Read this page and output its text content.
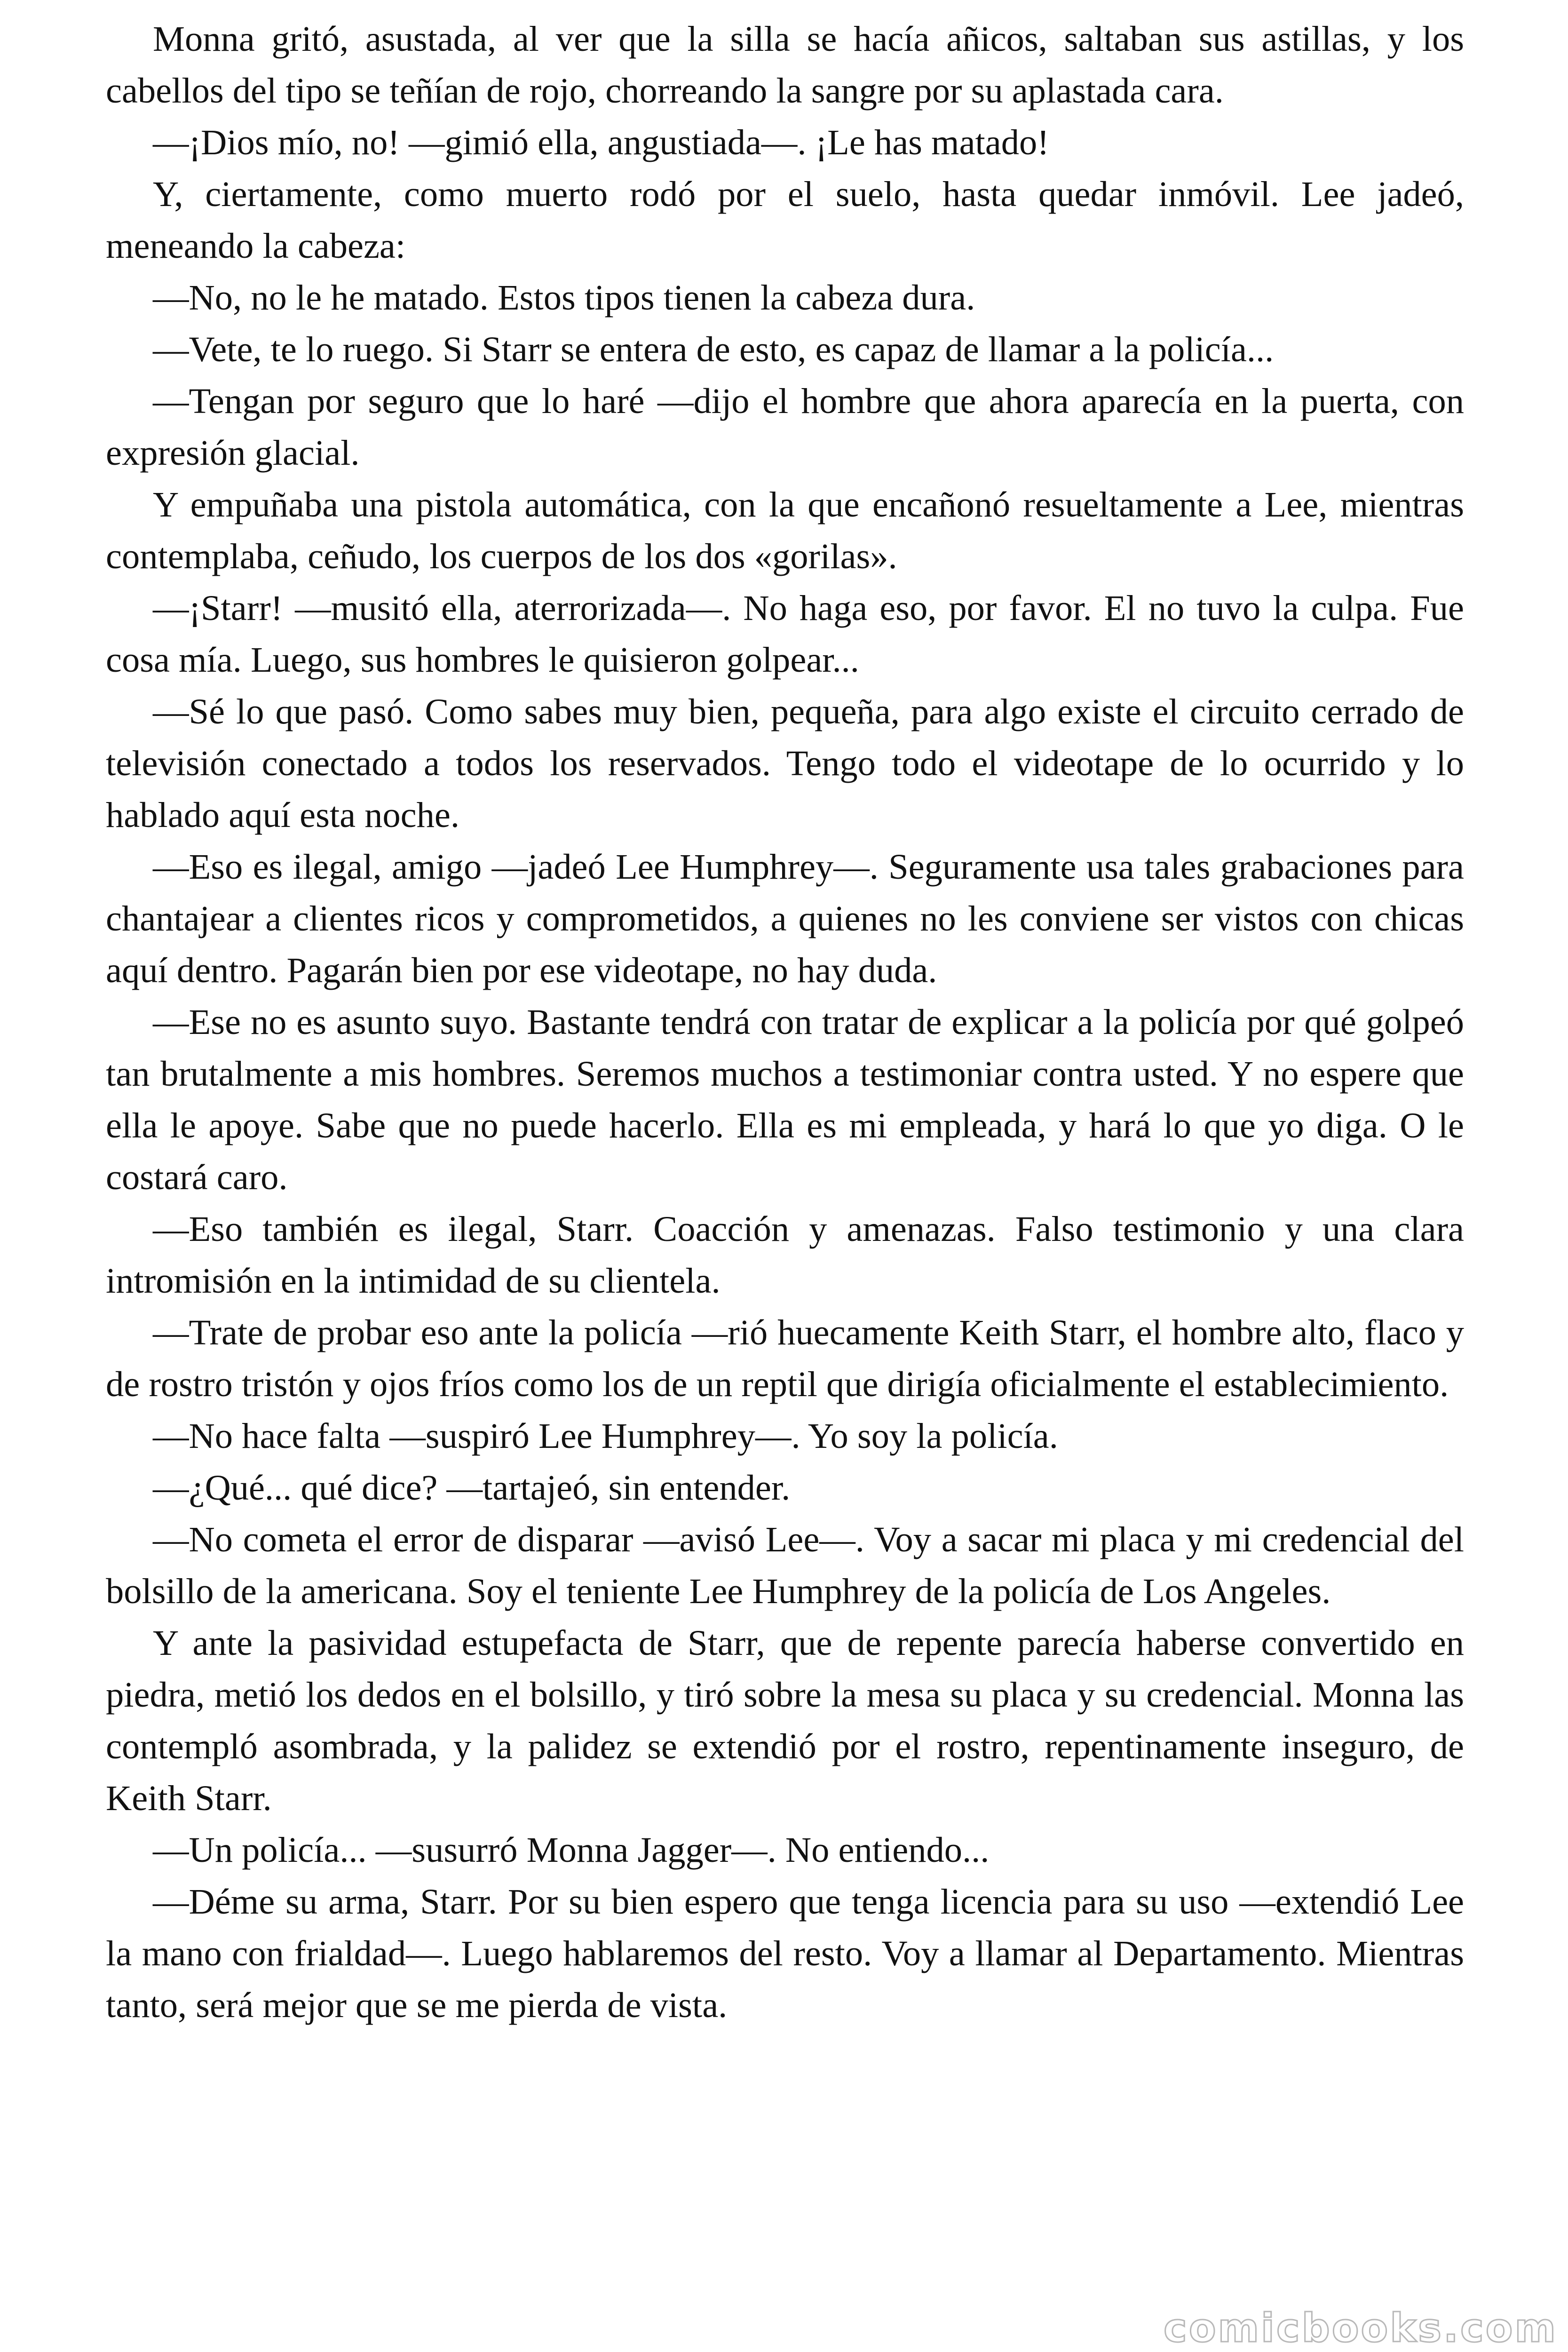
Monna gritó, asustada, al ver que la silla se hacía añicos, saltaban sus astillas, y los cabellos del tipo se teñían de rojo, chorreando la sangre por su aplastada cara.

—¡Dios mío, no! —gimió ella, angustiada—. ¡Le has matado!

Y, ciertamente, como muerto rodó por el suelo, hasta quedar inmóvil. Lee jadeó, meneando la cabeza:

—No, no le he matado. Estos tipos tienen la cabeza dura.

—Vete, te lo ruego. Si Starr se entera de esto, es capaz de llamar a la policía...

—Tengan por seguro que lo haré —dijo el hombre que ahora aparecía en la puerta, con expresión glacial.

Y empuñaba una pistola automática, con la que encañonó resueltamente a Lee, mientras contemplaba, ceñudo, los cuerpos de los dos «gorilas».

—¡Starr! —musitó ella, aterrorizada—. No haga eso, por favor. El no tuvo la culpa. Fue cosa mía. Luego, sus hombres le quisieron golpear...

—Sé lo que pasó. Como sabes muy bien, pequeña, para algo existe el circuito cerrado de televisión conectado a todos los reservados. Tengo todo el videotape de lo ocurrido y lo hablado aquí esta noche.

—Eso es ilegal, amigo —jadeó Lee Humphrey—. Seguramente usa tales grabaciones para chantajear a clientes ricos y comprometidos, a quienes no les conviene ser vistos con chicas aquí dentro. Pagarán bien por ese videotape, no hay duda.

—Ese no es asunto suyo. Bastante tendrá con tratar de explicar a la policía por qué golpeó tan brutalmente a mis hombres. Seremos muchos a testimoniar contra usted. Y no espere que ella le apoye. Sabe que no puede hacerlo. Ella es mi empleada, y hará lo que yo diga. O le costará caro.

—Eso también es ilegal, Starr. Coacción y amenazas. Falso testimonio y una clara intromisión en la intimidad de su clientela.

—Trate de probar eso ante la policía —rió huecamente Keith Starr, el hombre alto, flaco y de rostro tristón y ojos fríos como los de un reptil que dirigía oficialmente el establecimiento.

—No hace falta —suspiró Lee Humphrey—. Yo soy la policía.

—¿Qué... qué dice? —tartajeó, sin entender.

—No cometa el error de disparar —avisó Lee—. Voy a sacar mi placa y mi credencial del bolsillo de la americana. Soy el teniente Lee Humphrey de la policía de Los Angeles.

Y ante la pasividad estupefacta de Starr, que de repente parecía haberse convertido en piedra, metió los dedos en el bolsillo, y tiró sobre la mesa su placa y su credencial. Monna las contempló asombrada, y la palidez se extendió por el rostro, repentinamente inseguro, de Keith Starr.

—Un policía... —susurró Monna Jagger—. No entiendo...

—Déme su arma, Starr. Por su bien espero que tenga licencia para su uso —extendió Lee la mano con frialdad—. Luego hablaremos del resto. Voy a llamar al Departamento. Mientras tanto, será mejor que se me pierda de vista.

comicbooks.com
